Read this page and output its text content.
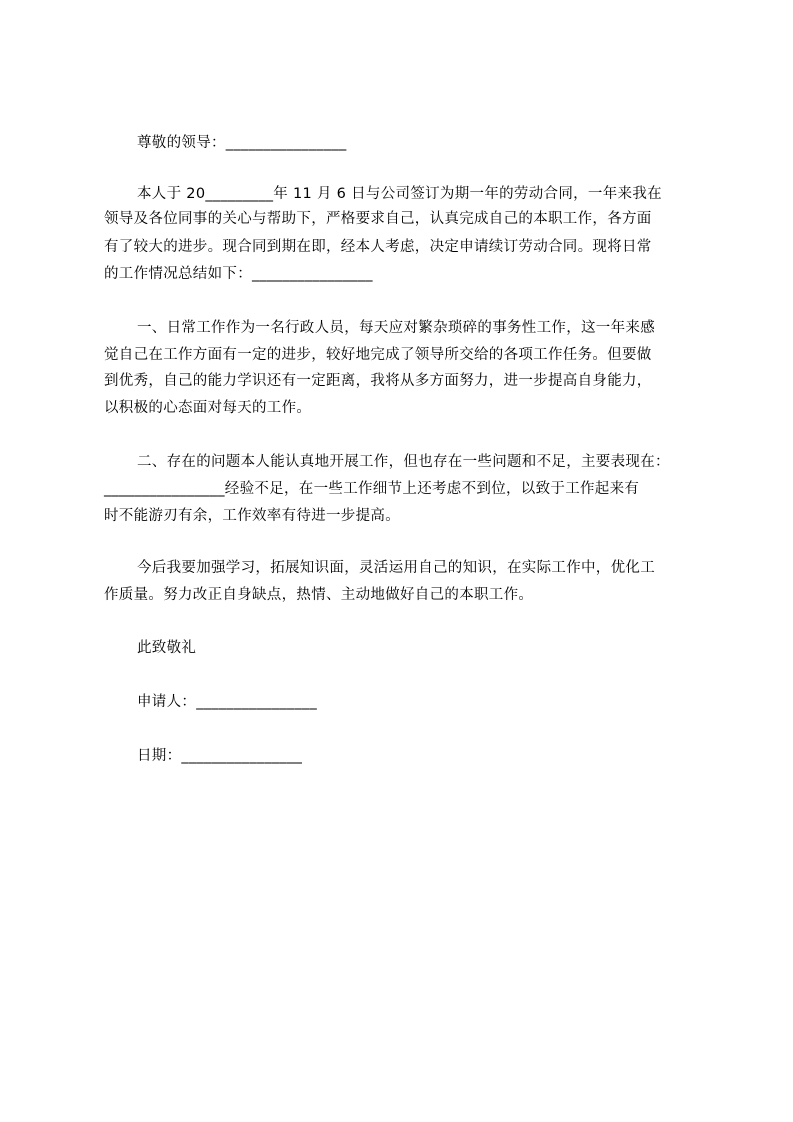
尊敬的领导：________________
本人于 20_________年 11 月 6 日与公司签订为期一年的劳动合同，一年来我在
领导及各位同事的关心与帮助下，严格要求自己，认真完成自己的本职工作，各方面
有了较大的进步。现合同到期在即，经本人考虑，决定申请续订劳动合同。现将日常
的工作情况总结如下：________________
一、日常工作作为一名行政人员，每天应对繁杂琐碎的事务性工作，这一年来感
觉自己在工作方面有一定的进步，较好地完成了领导所交给的各项工作任务。但要做
到优秀，自己的能力学识还有一定距离，我将从多方面努力，进一步提高自身能力，
以积极的心态面对每天的工作。
二、存在的问题本人能认真地开展工作，但也存在一些问题和不足，主要表现在：
________________经验不足，在一些工作细节上还考虑不到位，以致于工作起来有
时不能游刃有余，工作效率有待进一步提高。
今后我要加强学习，拓展知识面，灵活运用自己的知识，在实际工作中，优化工
作质量。努力改正自身缺点，热情、主动地做好自己的本职工作。
此致敬礼
申请人：________________
日期：________________
